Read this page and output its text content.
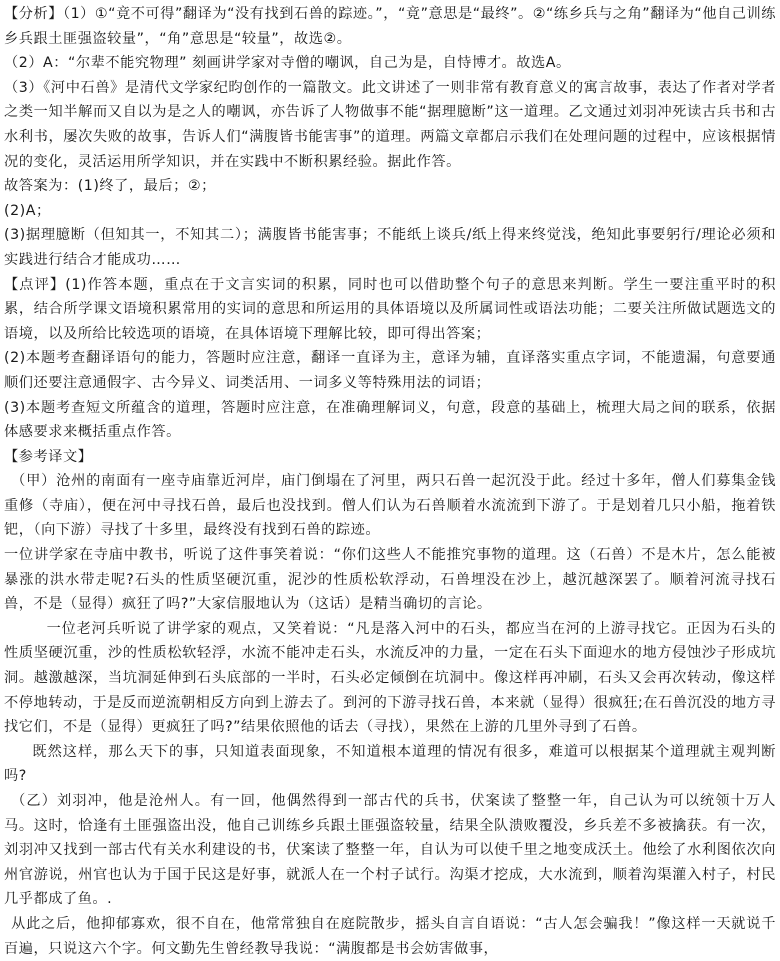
【分析】（1）①“竟不可得”翻译为“没有找到石兽的踪迹。”，“竟”意思是“最终”。②“练乡兵与之角”翻译为“他自己训练乡兵跟土匪强盗较量”，“角”意思是“较量”，故选②。

（2）A：“尔辈不能究物理” 刻画讲学家对寺僧的嘲讽，自己为是，自恃博才。故选A。

（3）《河中石兽》是清代文学家纪昀创作的一篇散文。此文讲述了一则非常有教育意义的寓言故事，表达了作者对学者之类一知半解而又自以为是之人的嘲讽，亦告诉了人物做事不能“据理臆断”这一道理。乙文通过刘羽冲死读古兵书和古水利书，屡次失败的故事，告诉人们“满腹皆书能害事”的道理。两篇文章都启示我们在处理问题的过程中，应该根据情况的变化，灵活运用所学知识，并在实践中不断积累经验。据此作答。

故答案为：(1)终了，最后；②；

(2)A；

(3)据理臆断（但知其一，不知其二）；满腹皆书能害事；不能纸上谈兵/纸上得来终觉浅，绝知此事要躬行/理论必须和实践进行结合才能成功……

【点评】(1)作答本题，重点在于文言实词的积累，同时也可以借助整个句子的意思来判断。学生一要注重平时的积累，结合所学课文语境积累常用的实词的意思和所运用的具体语境以及所属词性或语法功能；二要关注所做试题选文的语境，以及所给比较选项的语境，在具体语境下理解比较，即可得出答案；

(2)本题考查翻译语句的能力，答题时应注意，翻译一直译为主，意译为辅，直译落实重点字词，不能遗漏，句意要通顺们还要注意通假字、古今异义、词类活用、一词多义等特殊用法的词语；

(3)本题考查短文所蕴含的道理，答题时应注意，在准确理解词义，句意，段意的基础上，梳理大局之间的联系，依据体感要求来概括重点作答。

【参考译文】

（甲）沧州的南面有一座寺庙靠近河岸，庙门倒塌在了河里，两只石兽一起沉没于此。经过十多年，僧人们募集金钱重修（寺庙），便在河中寻找石兽，最后也没找到。僧人们认为石兽顺着水流流到下游了。于是划着几只小船，拖着铁钯，（向下游）寻找了十多里，最终没有找到石兽的踪迹。

一位讲学家在寺庙中教书，听说了这件事笑着说：“你们这些人不能推究事物的道理。这（石兽）不是木片，怎么能被暴涨的洪水带走呢?石头的性质坚硬沉重，泥沙的性质松软浮动，石兽埋没在沙上，越沉越深罢了。顺着河流寻找石兽，不是（显得）疯狂了吗?”大家信服地认为（这话）是精当确切的言论。

一位老河兵听说了讲学家的观点，又笑着说：“凡是落入河中的石头，都应当在河的上游寻找它。正因为石头的性质坚硬沉重，沙的性质松软轻浮，水流不能冲走石头，水流反冲的力量，一定在石头下面迎水的地方侵蚀沙子形成坑洞。越激越深，当坑洞延伸到石头底部的一半时，石头必定倾倒在坑洞中。像这样再冲刷，石头又会再次转动，像这样不停地转动，于是反而逆流朝相反方向到上游去了。到河的下游寻找石兽，本来就（显得）很疯狂;在石兽沉没的地方寻找它们，不是（显得）更疯狂了吗?”结果依照他的话去（寻找），果然在上游的几里外寻到了石兽。

既然这样，那么天下的事，只知道表面现象，不知道根本道理的情况有很多，难道可以根据某个道理就主观判断吗?

（乙）刘羽冲，他是沧州人。有一回，他偶然得到一部古代的兵书，伏案读了整整一年，自己认为可以统领十万人马。这时，恰逢有土匪强盗出没，他自己训练乡兵跟土匪强盗较量，结果全队溃败覆没，乡兵差不多被擒获。有一次，刘羽冲又找到一部古代有关水利建设的书，伏案读了整整一年，自认为可以使千里之地变成沃土。他绘了水利图依次向州官游说，州官也认为于国于民这是好事，就派人在一个村子试行。沟渠才挖成，大水流到，顺着沟渠灌入村子，村民几乎都成了鱼。.

从此之后，他抑郁寡欢，很不自在，他常常独自在庭院散步，摇头自言自语说：“古人怎会骗我！”像这样一天就说千百遍，只说这六个字。何文勤先生曾经教导我说：“满腹都是书会妨害做事，
